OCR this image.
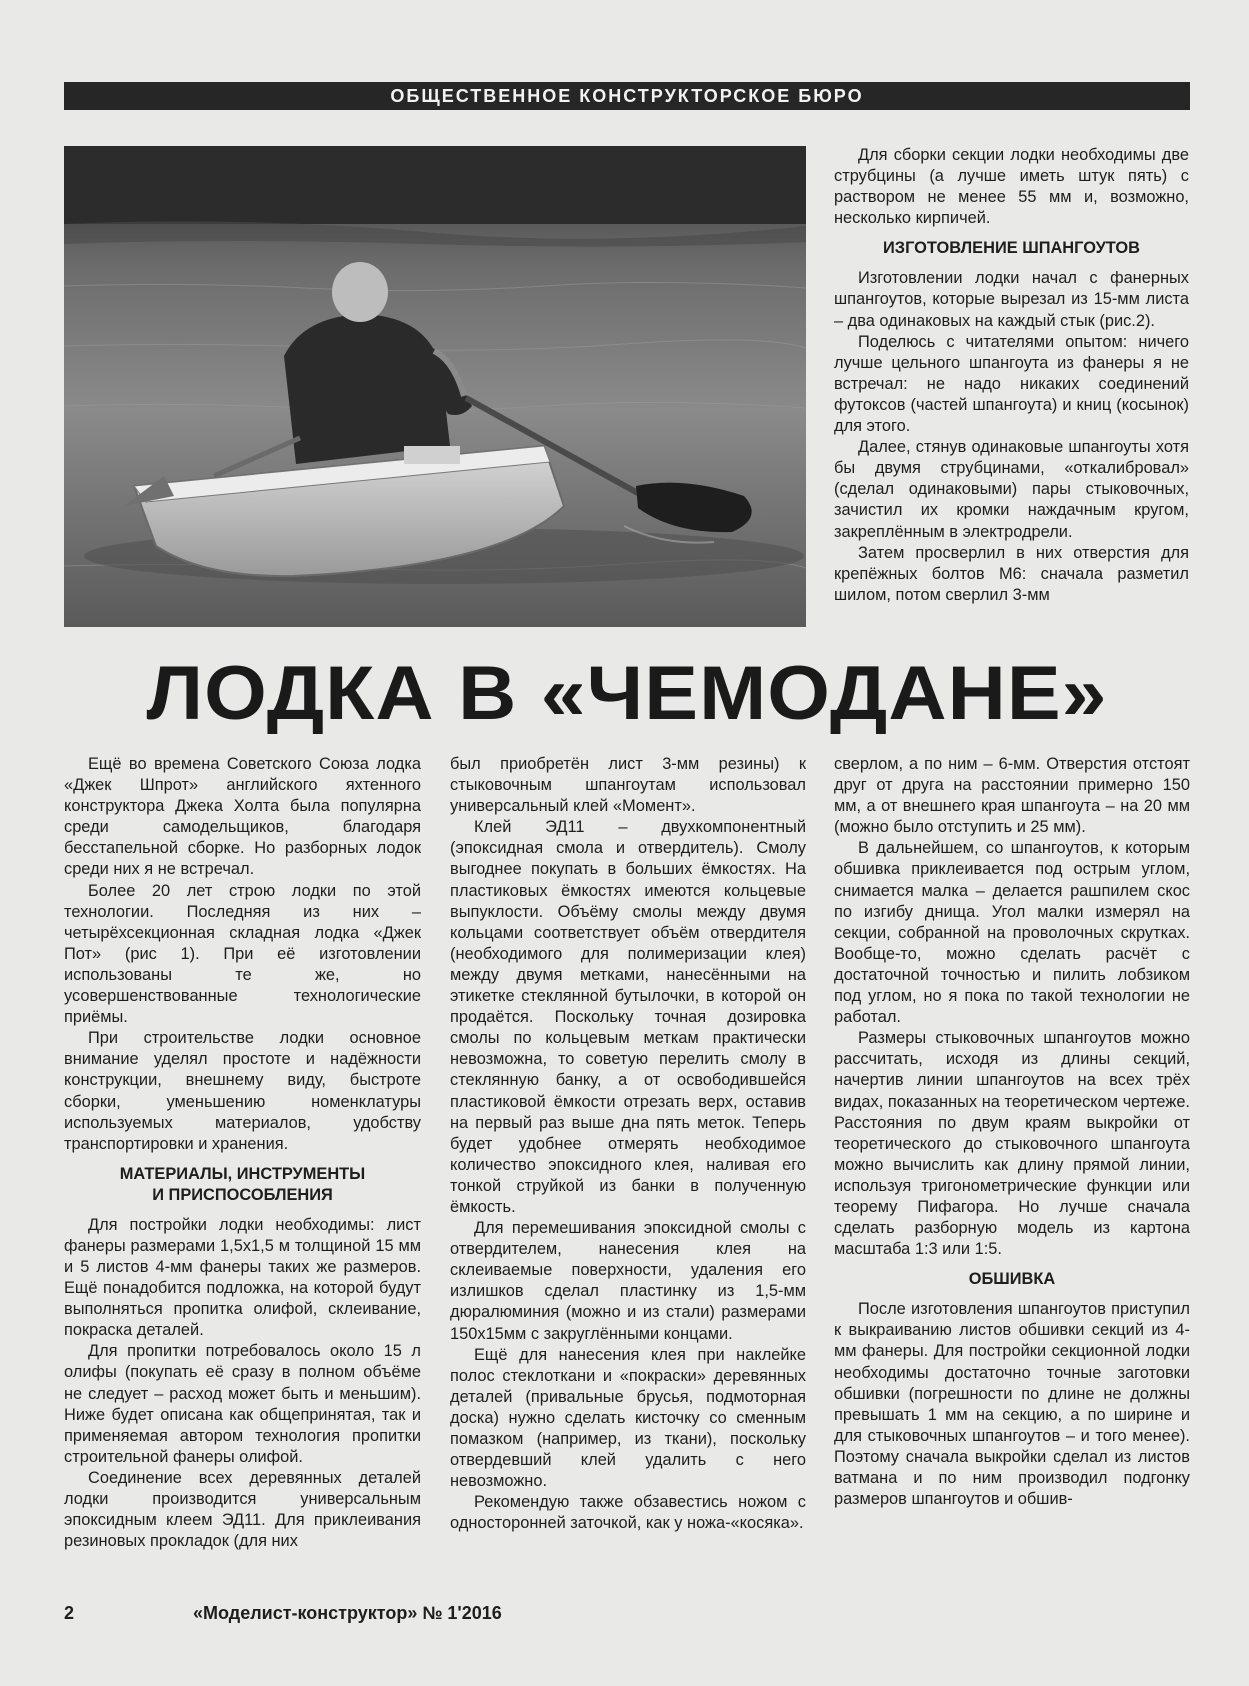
ОБЩЕСТВЕННОЕ КОНСТРУКТОРСКОЕ БЮРО

Для сборки секции лодки необходимы две струбцины (а лучше иметь штук пять) с раствором не менее 55 мм и, возможно, несколько кирпичей.

ИЗГОТОВЛЕНИЕ ШПАНГОУТОВ

Изготовлении лодки начал с фанерных шпангоутов, которые вырезал из 15-мм листа – два одинаковых на каждый стык (рис.2).

Поделюсь с читателями опытом: ничего лучше цельного шпангоута из фанеры я не встречал: не надо никаких соединений футоксов (частей шпангоута) и книц (косынок) для этого.

Далее, стянув одинаковые шпангоуты хотя бы двумя струбцинами, «откалибровал» (сделал одинаковыми) пары стыковочных, зачистил их кромки наждачным кругом, закреплённым в электродрели.

Затем просверлил в них отверстия для крепёжных болтов М6: сначала разметил шилом, потом сверлил 3-мм

ЛОДКА В «ЧЕМОДАНЕ»

Ещё во времена Советского Союза лодка «Джек Шпрот» английского яхтенного конструктора Джека Холта была популярна среди самодельщиков, благодаря бесстапельной сборке. Но разборных лодок среди них я не встречал.

Более 20 лет строю лодки по этой технологии. Последняя из них – четырёхсекционная складная лодка «Джек Пот» (рис 1). При её изготовлении использованы те же, но усовершенствованные технологические приёмы.

При строительстве лодки основное внимание уделял простоте и надёжности конструкции, внешнему виду, быстроте сборки, уменьшению номенклатуры используемых материалов, удобству транспортировки и хранения.

МАТЕРИАЛЫ, ИНСТРУМЕНТЫ
И ПРИСПОСОБЛЕНИЯ

Для постройки лодки необходимы: лист фанеры размерами 1,5х1,5 м толщиной 15 мм и 5 листов 4-мм фанеры таких же размеров. Ещё понадобится подложка, на которой будут выполняться пропитка олифой, склеивание, покраска деталей.

Для пропитки потребовалось около 15 л олифы (покупать её сразу в полном объёме не следует – расход может быть и меньшим). Ниже будет описана как общепринятая, так и применяемая автором технология пропитки строительной фанеры олифой.

Соединение всех деревянных деталей лодки производится универсальным эпоксидным клеем ЭД11. Для приклеивания резиновых прокладок (для них

был приобретён лист 3-мм резины) к стыковочным шпангоутам использовал универсальный клей «Момент».

Клей ЭД11 – двухкомпонентный (эпоксидная смола и отвердитель). Смолу выгоднее покупать в больших ёмкостях. На пластиковых ёмкостях имеются кольцевые выпуклости. Объёму смолы между двумя кольцами соответствует объём отвердителя (необходимого для полимеризации клея) между двумя метками, нанесёнными на этикетке стеклянной бутылочки, в которой он продаётся. Поскольку точная дозировка смолы по кольцевым меткам практически невозможна, то советую перелить смолу в стеклянную банку, а от освободившейся пластиковой ёмкости отрезать верх, оставив на первый раз выше дна пять меток. Теперь будет удобнее отмерять необходимое количество эпоксидного клея, наливая его тонкой струйкой из банки в полученную ёмкость.

Для перемешивания эпоксидной смолы с отвердителем, нанесения клея на склеиваемые поверхности, удаления его излишков сделал пластинку из 1,5-мм дюралюминия (можно и из стали) размерами 150х15мм с закруглёнными концами.

Ещё для нанесения клея при наклейке полос стеклоткани и «покраски» деревянных деталей (привальные брусья, подмоторная доска) нужно сделать кисточку со сменным помазком (например, из ткани), поскольку отвердевший клей удалить с него невозможно.

Рекомендую также обзавестись ножом с односторонней заточкой, как у ножа-«косяка».

сверлом, а по ним – 6-мм. Отверстия отстоят друг от друга на расстоянии примерно 150 мм, а от внешнего края шпангоута – на 20 мм (можно было отступить и 25 мм).

В дальнейшем, со шпангоутов, к которым обшивка приклеивается под острым углом, снимается малка – делается рашпилем скос по изгибу днища. Угол малки измерял на секции, собранной на проволочных скрутках. Вообще-то, можно сделать расчёт с достаточной точностью и пилить лобзиком под углом, но я пока по такой технологии не работал.

Размеры стыковочных шпангоутов можно рассчитать, исходя из длины секций, начертив линии шпангоутов на всех трёх видах, показанных на теоретическом чертеже. Расстояния по двум краям выкройки от теоретического до стыковочного шпангоута можно вычислить как длину прямой линии, используя тригонометрические функции или теорему Пифагора. Но лучше сначала сделать разборную модель из картона масштаба 1:3 или 1:5.

ОБШИВКА

После изготовления шпангоутов приступил к выкраиванию листов обшивки секций из 4-мм фанеры. Для постройки секционной лодки необходимы достаточно точные заготовки обшивки (погрешности по длине не должны превышать 1 мм на секцию, а по ширине и для стыковочных шпангоутов – и того менее). Поэтому сначала выкройки сделал из листов ватмана и по ним производил подгонку размеров шпангоутов и обшив-

2	«Моделист-конструктор» № 1'2016
